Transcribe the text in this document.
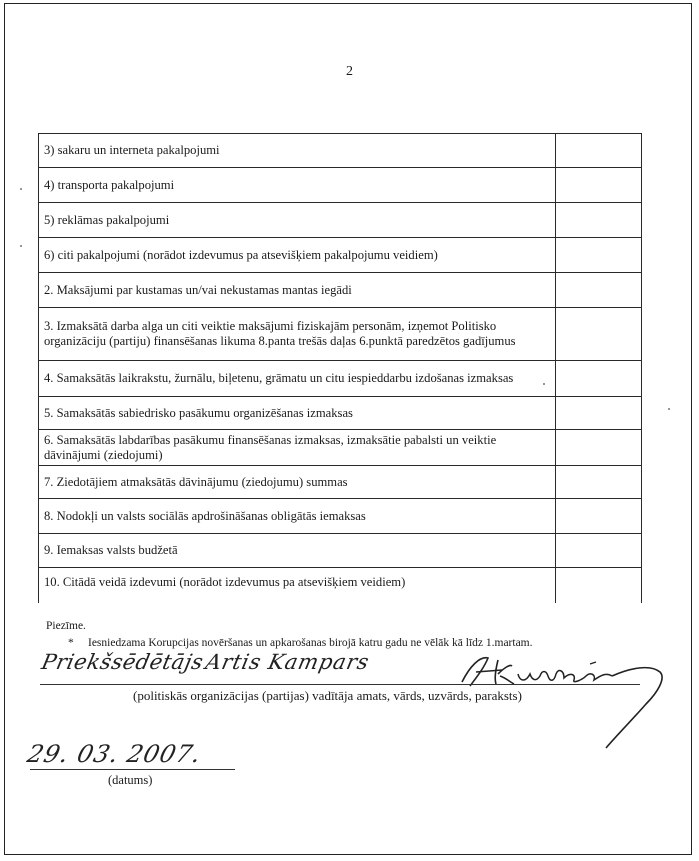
2
3) sakaru un interneta pakalpojumi
4) transporta pakalpojumi
5) reklāmas pakalpojumi
6) citi pakalpojumi (norādot izdevumus pa atsevišķiem pakalpojumu veidiem)
2. Maksājumi par kustamas un/vai nekustamas mantas iegādi
3. Izmaksātā darba alga un citi veiktie maksājumi fiziskajām personām, izņemot Politisko organizāciju (partiju) finansēšanas likuma 8.panta trešās daļas 6.punktā paredzētos gadījumus
4. Samaksātās laikrakstu, žurnālu, biļetenu, grāmatu un citu iespieddarbu izdošanas izmaksas
5. Samaksātās sabiedrisko pasākumu organizēšanas izmaksas
6. Samaksātās labdarības pasākumu finansēšanas izmaksas, izmaksātie pabalsti un veiktie dāvinājumi (ziedojumi)
7. Ziedotājiem atmaksātās dāvinājumu (ziedojumu) summas
8. Nodokļi un valsts sociālās apdrošināšanas obligātās iemaksas
9. Iemaksas valsts budžetā
10. Citādā veidā izdevumi (norādot izdevumus pa atsevišķiem veidiem)
Piezīme.
* Iesniedzama Korupcijas novēršanas un apkarošanas birojā katru gadu ne vēlāk kā līdz 1.martam.
Priekšsēdētājs
Artis Kampars
(politiskās organizācijas (partijas) vadītāja amats, vārds, uzvārds, paraksts)
29. 03. 2007.
(datums)
